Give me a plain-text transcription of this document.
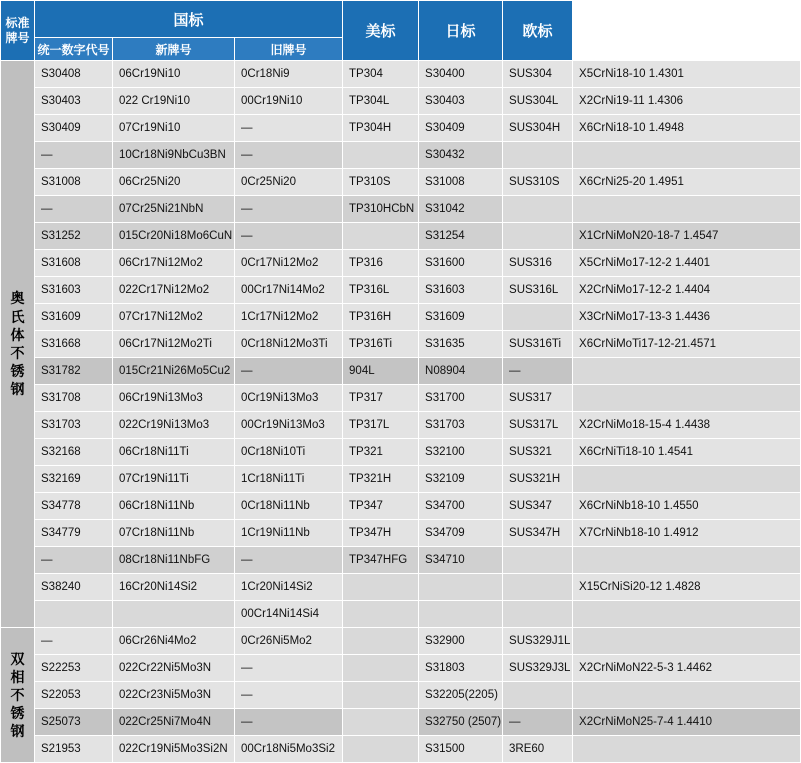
标准
牌号	国标			美标	日标	欧标	
	统一数字代号	新牌号	旧牌号				
奥
氏
体
不
锈
钢	S30408	06Cr19Ni10	0Cr18Ni9	TP304	S30400	SUS304	X5CrNi18-10 1.4301
	S30403	022 Cr19Ni10	00Cr19Ni10	TP304L	S30403	SUS304L	X2CrNi19-11 1.4306
	S30409	07Cr19Ni10	—	TP304H	S30409	SUS304H	X6CrNi18-10 1.4948
	—	10Cr18Ni9NbCu3BN	—		S30432		
	S31008	06Cr25Ni20	0Cr25Ni20	TP310S	S31008	SUS310S	X6CrNi25-20 1.4951
	—	07Cr25Ni21NbN	—	TP310HCbN	S31042		
	S31252	015Cr20Ni18Mo6CuN	—		S31254		X1CrNiMoN20-18-7 1.4547
	S31608	06Cr17Ni12Mo2	0Cr17Ni12Mo2	TP316	S31600	SUS316	X5CrNiMo17-12-2 1.4401
	S31603	022Cr17Ni12Mo2	00Cr17Ni14Mo2	TP316L	S31603	SUS316L	X2CrNiMo17-12-2 1.4404
	S31609	07Cr17Ni12Mo2	1Cr17Ni12Mo2	TP316H	S31609		X3CrNiMo17-13-3 1.4436
	S31668	06Cr17Ni12Mo2Ti	0Cr18Ni12Mo3Ti	TP316Ti	S31635	SUS316Ti	X6CrNiMoTi17-12-21.4571
	S31782	015Cr21Ni26Mo5Cu2	—	904L	N08904	—	
	S31708	06Cr19Ni13Mo3	0Cr19Ni13Mo3	TP317	S31700	SUS317	
	S31703	022Cr19Ni13Mo3	00Cr19Ni13Mo3	TP317L	S31703	SUS317L	X2CrNiMo18-15-4 1.4438
	S32168	06Cr18Ni11Ti	0Cr18Ni10Ti	TP321	S32100	SUS321	X6CrNiTi18-10 1.4541
	S32169	07Cr19Ni11Ti	1Cr18Ni11Ti	TP321H	S32109	SUS321H	
	S34778	06Cr18Ni11Nb	0Cr18Ni11Nb	TP347	S34700	SUS347	X6CrNiNb18-10 1.4550
	S34779	07Cr18Ni11Nb	1Cr19Ni11Nb	TP347H	S34709	SUS347H	X7CrNiNb18-10 1.4912
	—	08Cr18Ni11NbFG	—	TP347HFG	S34710		
	S38240	16Cr20Ni14Si2	1Cr20Ni14Si2				X15CrNiSi20-12 1.4828
			00Cr14Ni14Si4				
双
相
不
锈
钢	—	06Cr26Ni4Mo2	0Cr26Ni5Mo2		S32900	SUS329J1L	
	S22253	022Cr22Ni5Mo3N	—		S31803	SUS329J3L	X2CrNiMoN22-5-3 1.4462
	S22053	022Cr23Ni5Mo3N	—		S32205(2205)		
	S25073	022Cr25Ni7Mo4N	—		S32750 (2507)	—	X2CrNiMoN25-7-4 1.4410
	S21953	022Cr19Ni5Mo3Si2N	00Cr18Ni5Mo3Si2		S31500	3RE60	
